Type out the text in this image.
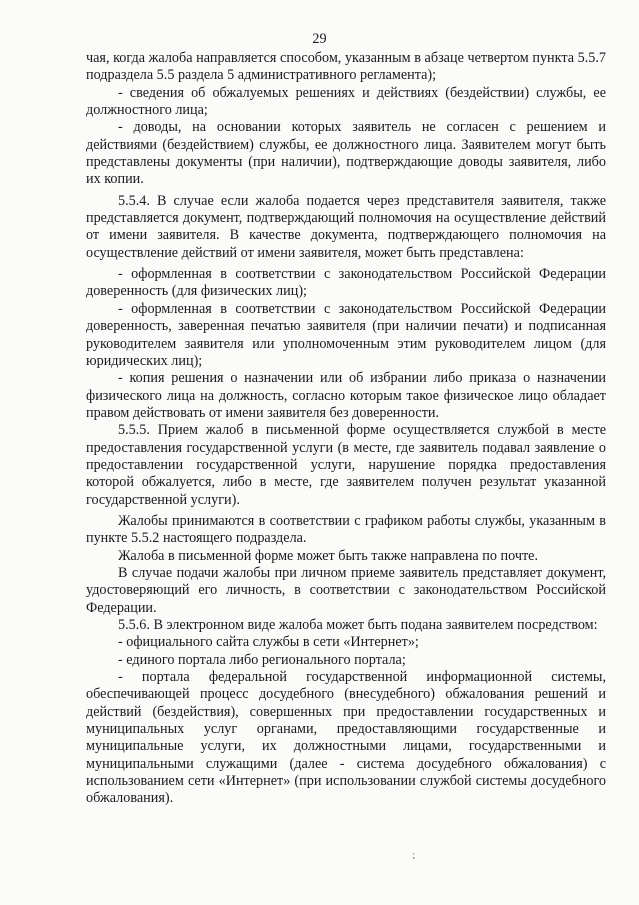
29

чая, когда жалоба направляется способом, указанным в абзаце четвертом пункта 5.5.7 подраздела 5.5 раздела 5 административного регламента);

- сведения об обжалуемых решениях и действиях (бездействии) службы, ее должностного лица;

- доводы, на основании которых заявитель не согласен с решением и действиями (бездействием) службы, ее должностного лица. Заявителем могут быть представлены документы (при наличии), подтверждающие доводы заявителя, либо их копии.

5.5.4. В случае если жалоба подается через представителя заявителя, также представляется документ, подтверждающий полномочия на осуществление действий от имени заявителя. В качестве документа, подтверждающего полномочия на осуществление действий от имени заявителя, может быть представлена:

- оформленная в соответствии с законодательством Российской Федерации доверенность (для физических лиц);

- оформленная в соответствии с законодательством Российской Федерации доверенность, заверенная печатью заявителя (при наличии печати) и подписанная руководителем заявителя или уполномоченным этим руководителем лицом (для юридических лиц);

- копия решения о назначении или об избрании либо приказа о назначении физического лица на должность, согласно которым такое физическое лицо обладает правом действовать от имени заявителя без доверенности.

5.5.5. Прием жалоб в письменной форме осуществляется службой в месте предоставления государственной услуги (в месте, где заявитель подавал заявление о предоставлении государственной услуги, нарушение порядка предоставления которой обжалуется, либо в месте, где заявителем получен результат указанной государственной услуги).

Жалобы принимаются в соответствии с графиком работы службы, указанным в пункте 5.5.2 настоящего подраздела.

Жалоба в письменной форме может быть также направлена по почте.

В случае подачи жалобы при личном приеме заявитель представляет документ, удостоверяющий его личность, в соответствии с законодательством Российской Федерации.

5.5.6. В электронном виде жалоба может быть подана заявителем посредством:

- официального сайта службы в сети «Интернет»;

- единого портала либо регионального портала;

- портала федеральной государственной информационной системы, обеспечивающей процесс досудебного (внесудебного) обжалования решений и действий (бездействия), совершенных при предоставлении государственных и муниципальных услуг органами, предоставляющими государственные и муниципальные услуги, их должностными лицами, государственными и муниципальными служащими (далее - система досудебного обжалования) с использованием сети «Интернет» (при использовании службой системы досудебного обжалования).

⁏
